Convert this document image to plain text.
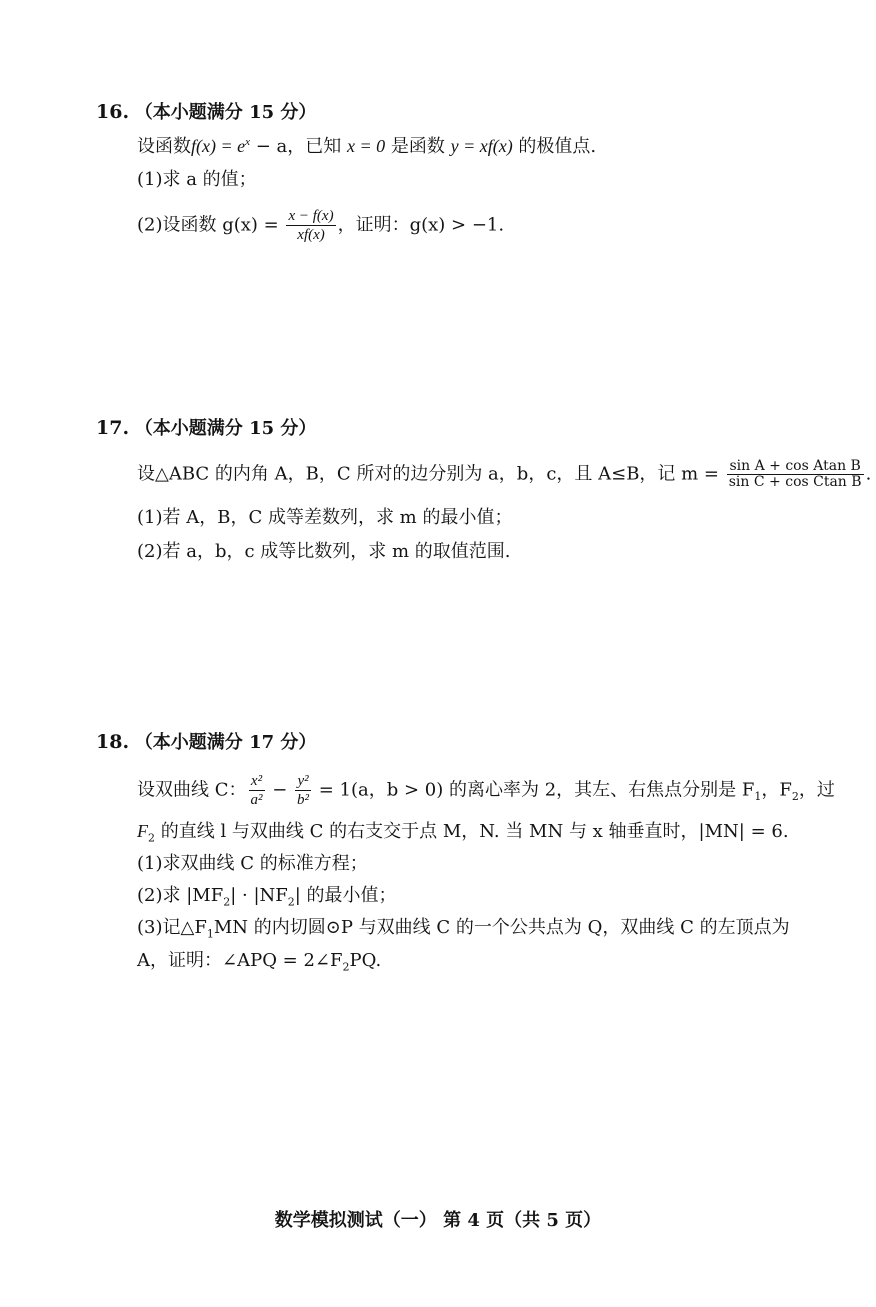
16. （本小题满分 15 分）
设函数$f(x) = e^x - a$，已知 x = 0 是函数 y = xf(x) 的极值点.
(1)求 a 的值；
(2)设函数 $g(x) = \frac{x - f(x)}{xf(x)}$ ，证明：g(x) > −1.
17. （本小题满分 15 分）
设△ABC 的内角 A，B，C 所对的边分别为 a，b，c，且 A≤B，记 $m = \frac{\text{sin A + cos Atan B}}{\text{sin C + cos Ctan B}}$ .
(1)若 A，B，C 成等差数列，求 m 的最小值；
(2)若 a，b，c 成等比数列，求 m 的取值范围.
18. （本小题满分 17 分）
设双曲线 C： $\frac{\text{x²}}{\text{a²}} - \frac{\text{y²}}{\text{b²}} = 1(a$，b > 0) 的离心率为 2，其左、右焦点分别是 $F_1$，$F_2$，过
$F_2$ 的直线 l 与双曲线 C 的右支交于点 M，N. 当 MN 与 x 轴垂直时，|MN| = 6.
(1)求双曲线 C 的标准方程；
(2)求 $|MF_2| \cdot |NF_2|$ 的最小值；
(3)记$\triangle F_1MN$ 的内切圆⊙P 与双曲线 C 的一个公共点为 Q，双曲线 C 的左顶点为
A，证明：∠APQ = $2\angle F_2PQ$.
数学模拟测试（一） 第 4 页（共 5 页）
